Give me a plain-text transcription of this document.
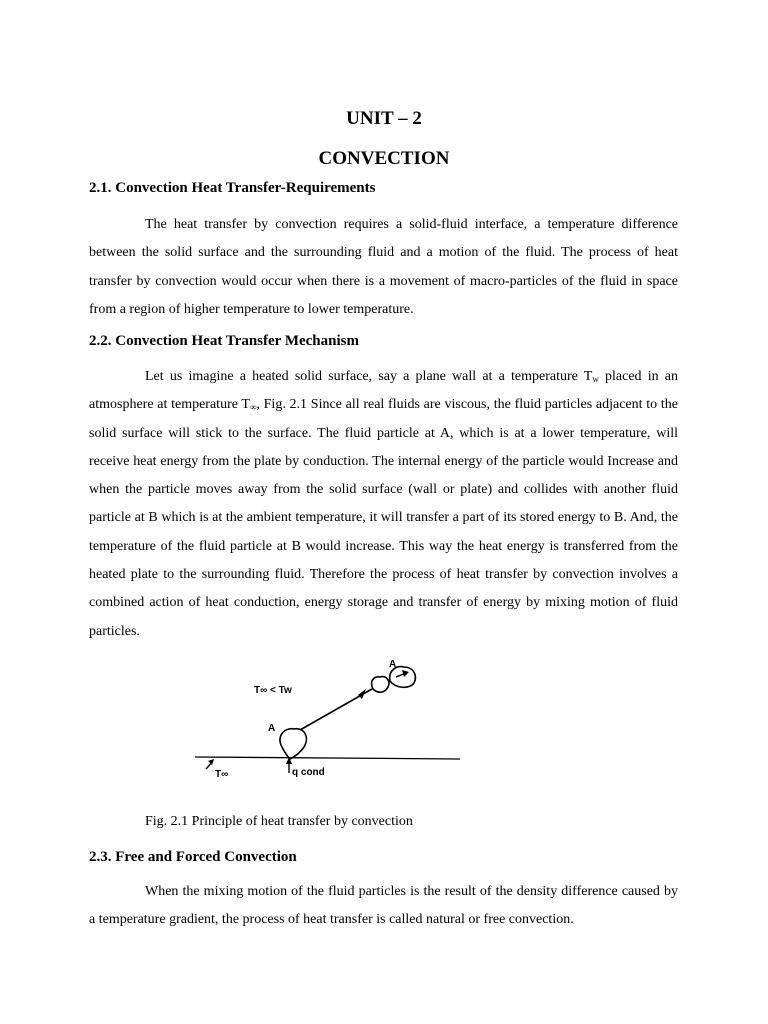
UNIT – 2
CONVECTION
2.1. Convection Heat Transfer-Requirements

The heat transfer by convection requires a solid-fluid interface, a temperature difference between the solid surface and the surrounding fluid and a motion of the fluid. The process of heat transfer by convection would occur when there is a movement of macro-particles of the fluid in space from a region of higher temperature to lower temperature.

2.2. Convection Heat Transfer Mechanism

Let us imagine a heated solid surface, say a plane wall at a temperature $T_w$ placed in an atmosphere at temperature $T_\infty$, Fig. 2.1 Since all real fluids are viscous, the fluid particles adjacent to the solid surface will stick to the surface. The fluid particle at A, which is at a lower temperature, will receive heat energy from the plate by conduction. The internal energy of the particle would Increase and when the particle moves away from the solid surface (wall or plate) and collides with another fluid particle at B which is at the ambient temperature, it will transfer a part of its stored energy to B. And, the temperature of the fluid particle at B would increase. This way the heat energy is transferred from the heated plate to the surrounding fluid. Therefore the process of heat transfer by convection involves a combined action of heat conduction, energy storage and transfer of energy by mixing motion of fluid particles.

A
T∞ < Tw
A
T∞	q cond
Fig. 2.1 Principle of heat transfer by convection
2.3. Free and Forced Convection

When the mixing motion of the fluid particles is the result of the density difference caused by a temperature gradient, the process of heat transfer is called natural or free convection.
